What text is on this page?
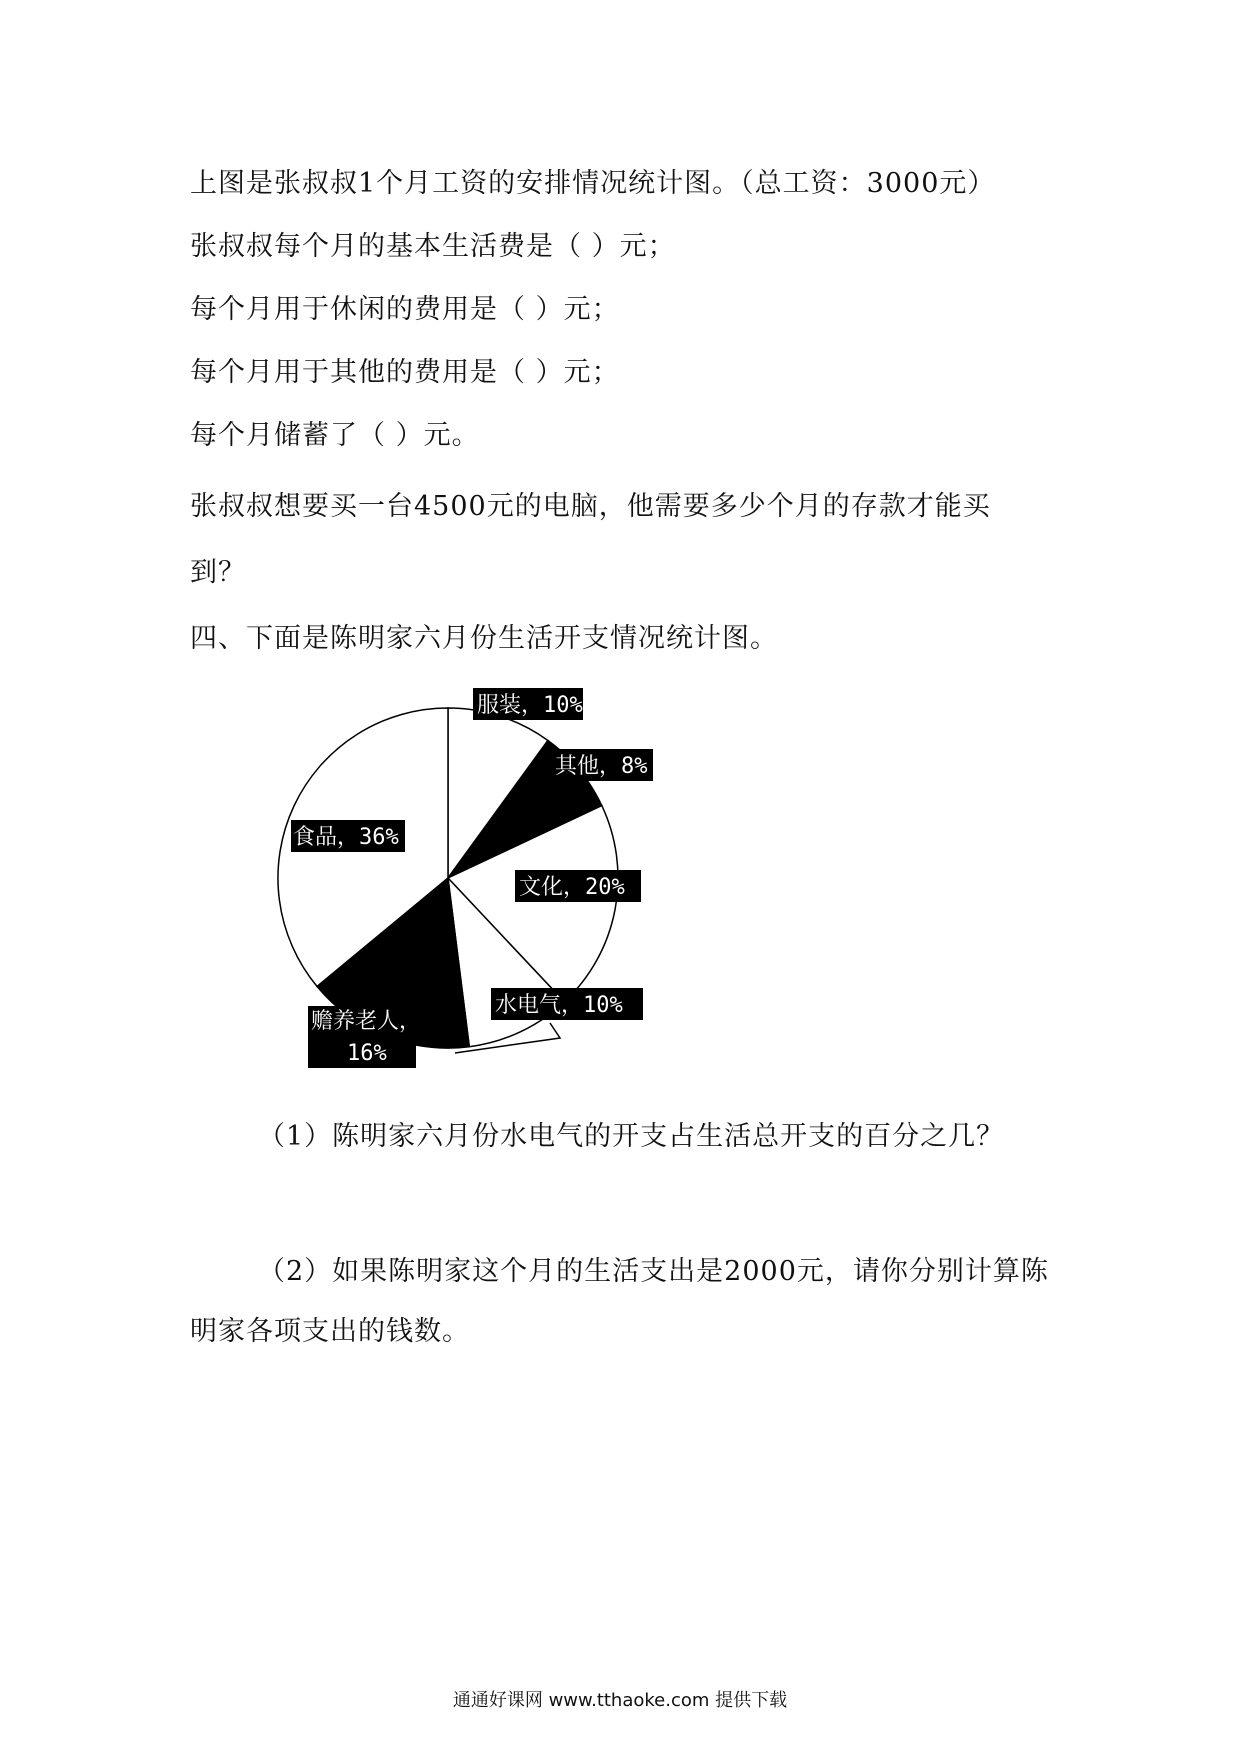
上图是张叔叔1个月工资的安排情况统计图。（总工资：3000元）
张叔叔每个月的基本生活费是（ ）元；
每个月用于休闲的费用是（ ）元；
每个月用于其他的费用是（ ）元；
每个月储蓄了（ ）元。
张叔叔想要买一台4500元的电脑，他需要多少个月的存款才能买
到？
四、下面是陈明家六月份生活开支情况统计图。
服装，10%
其他，8%
文化，20%
水电气，10%
赡养老人，
16%
食品，36%
（1）陈明家六月份水电气的开支占生活总开支的百分之几？
（2）如果陈明家这个月的生活支出是2000元，请你分别计算陈
明家各项支出的钱数。
通通好课网 www.tthaoke.com 提供下载
